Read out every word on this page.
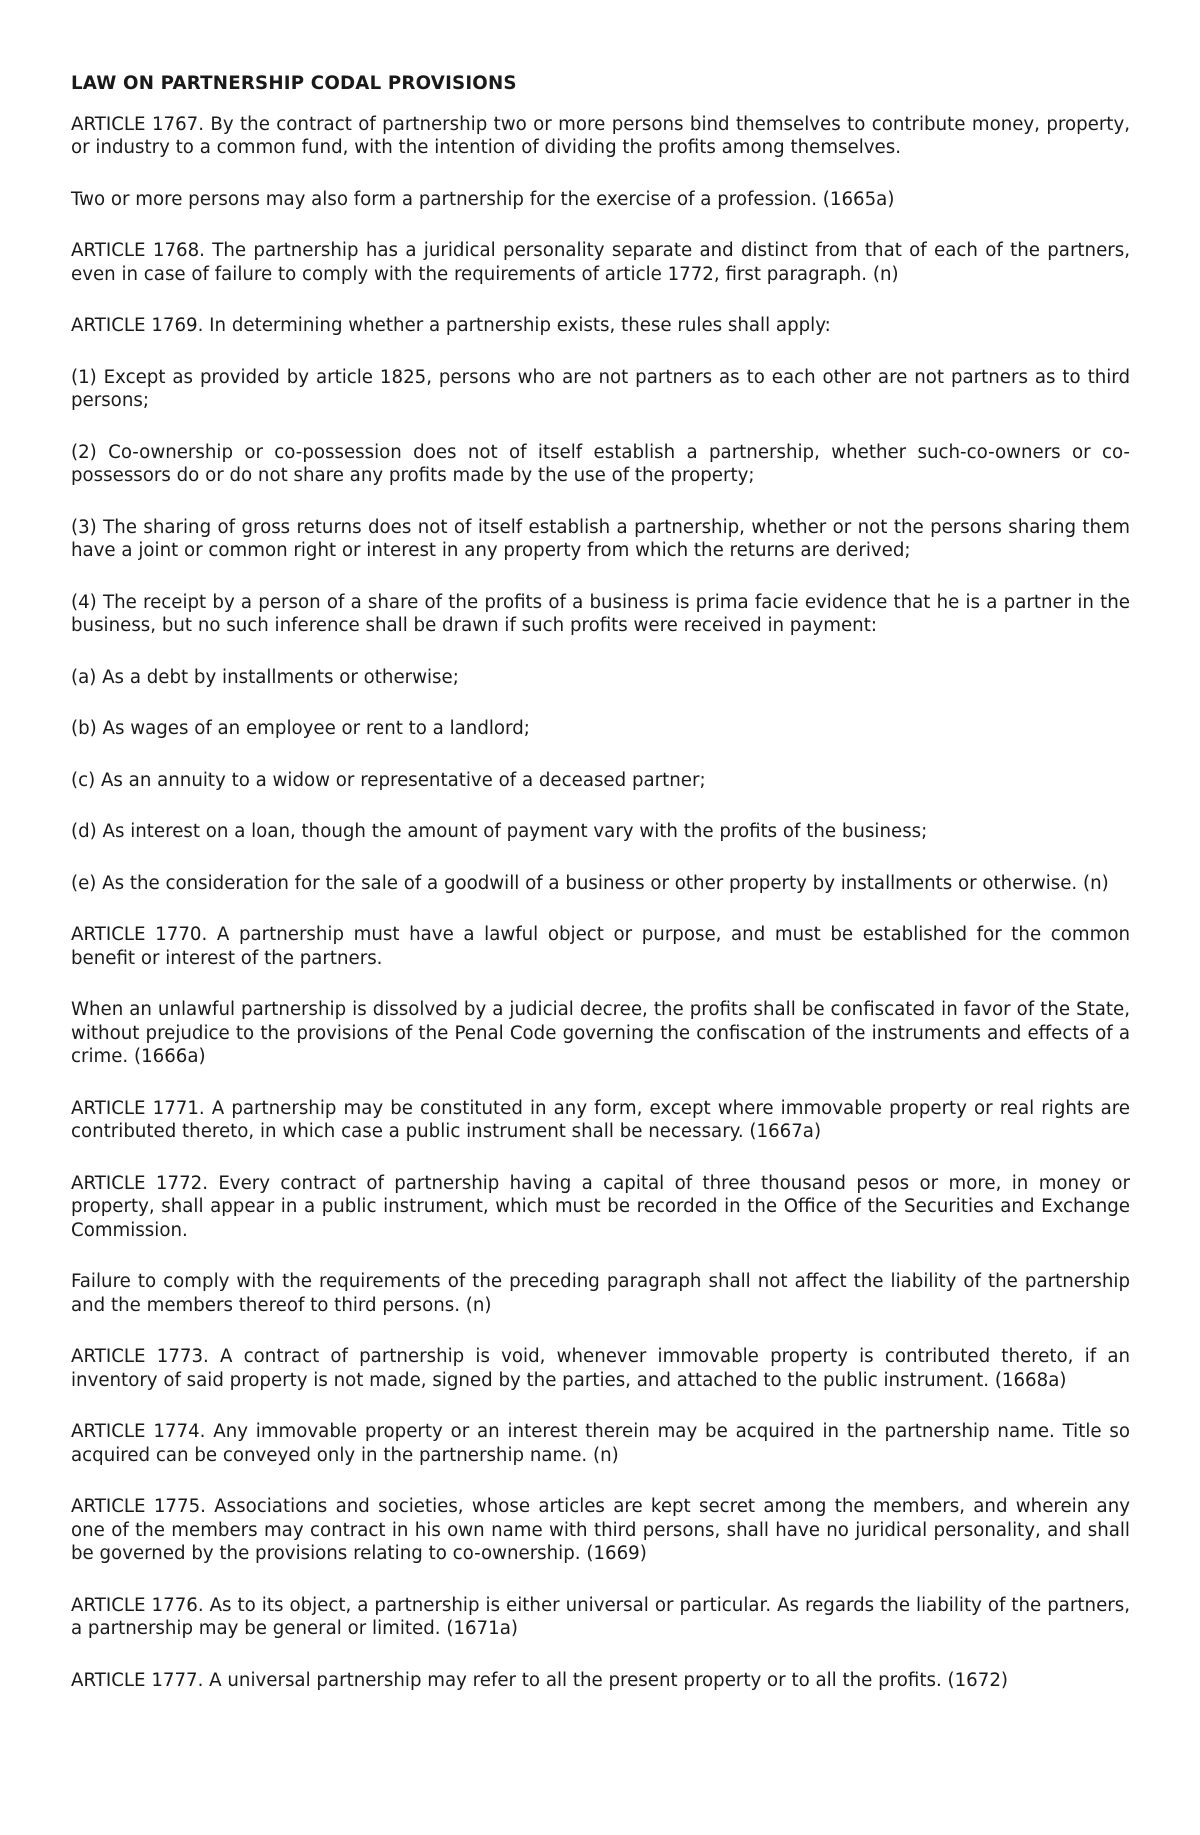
LAW ON PARTNERSHIP CODAL PROVISIONS

ARTICLE 1767. By the contract of partnership two or more persons bind themselves to contribute money, property, or industry to a common fund, with the intention of dividing the profits among themselves.

Two or more persons may also form a partnership for the exercise of a profession. (1665a)

ARTICLE 1768. The partnership has a juridical personality separate and distinct from that of each of the partners, even in case of failure to comply with the requirements of article 1772, first paragraph. (n)

ARTICLE 1769. In determining whether a partnership exists, these rules shall apply:

(1) Except as provided by article 1825, persons who are not partners as to each other are not partners as to third persons;

(2) Co-ownership or co-possession does not of itself establish a partnership, whether such-co-owners or co-possessors do or do not share any profits made by the use of the property;

(3) The sharing of gross returns does not of itself establish a partnership, whether or not the persons sharing them have a joint or common right or interest in any property from which the returns are derived;

(4) The receipt by a person of a share of the profits of a business is prima facie evidence that he is a partner in the business, but no such inference shall be drawn if such profits were received in payment:

(a) As a debt by installments or otherwise;

(b) As wages of an employee or rent to a landlord;

(c) As an annuity to a widow or representative of a deceased partner;

(d) As interest on a loan, though the amount of payment vary with the profits of the business;

(e) As the consideration for the sale of a goodwill of a business or other property by installments or otherwise. (n)

ARTICLE 1770. A partnership must have a lawful object or purpose, and must be established for the common benefit or interest of the partners.

When an unlawful partnership is dissolved by a judicial decree, the profits shall be confiscated in favor of the State, without prejudice to the provisions of the Penal Code governing the confiscation of the instruments and effects of a crime. (1666a)

ARTICLE 1771. A partnership may be constituted in any form, except where immovable property or real rights are contributed thereto, in which case a public instrument shall be necessary. (1667a)

ARTICLE 1772. Every contract of partnership having a capital of three thousand pesos or more, in money or property, shall appear in a public instrument, which must be recorded in the Office of the Securities and Exchange Commission.

Failure to comply with the requirements of the preceding paragraph shall not affect the liability of the partnership and the members thereof to third persons. (n)

ARTICLE 1773. A contract of partnership is void, whenever immovable property is contributed thereto, if an inventory of said property is not made, signed by the parties, and attached to the public instrument. (1668a)

ARTICLE 1774. Any immovable property or an interest therein may be acquired in the partnership name. Title so acquired can be conveyed only in the partnership name. (n)

ARTICLE 1775. Associations and societies, whose articles are kept secret among the members, and wherein any one of the members may contract in his own name with third persons, shall have no juridical personality, and shall be governed by the provisions relating to co-ownership. (1669)

ARTICLE 1776. As to its object, a partnership is either universal or particular. As regards the liability of the partners, a partnership may be general or limited. (1671a)

ARTICLE 1777. A universal partnership may refer to all the present property or to all the profits. (1672)
